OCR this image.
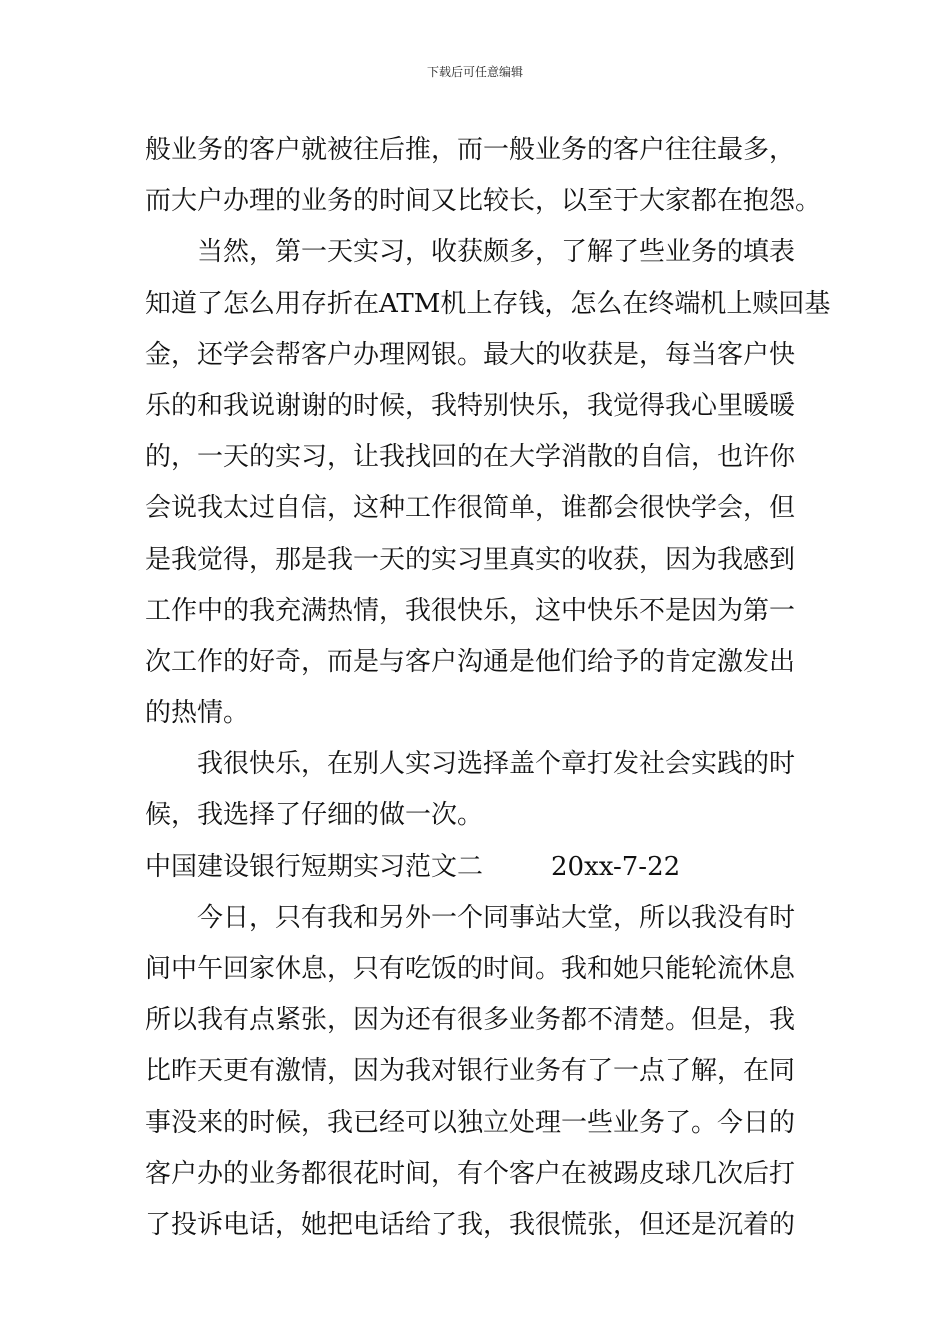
下载后可任意编辑
般业务的客户就被往后推，而一般业务的客户往往最多，
而大户办理的业务的时间又比较长，以至于大家都在抱怨。
当然，第一天实习，收获颇多，了解了些业务的填表
知道了怎么用存折在ATM机上存钱，怎么在终端机上赎回基
金，还学会帮客户办理网银。最大的收获是，每当客户快
乐的和我说谢谢的时候，我特别快乐，我觉得我心里暖暖
的，一天的实习，让我找回的在大学消散的自信，也许你
会说我太过自信，这种工作很简单，谁都会很快学会，但
是我觉得，那是我一天的实习里真实的收获，因为我感到
工作中的我充满热情，我很快乐，这中快乐不是因为第一
次工作的好奇，而是与客户沟通是他们给予的肯定激发出
的热情。
我很快乐，在别人实习选择盖个章打发社会实践的时
候，我选择了仔细的做一次。
中国建设银行短期实习范文二	20xx-7-22
今日，只有我和另外一个同事站大堂，所以我没有时
间中午回家休息，只有吃饭的时间。我和她只能轮流休息
所以我有点紧张，因为还有很多业务都不清楚。但是，我
比昨天更有激情，因为我对银行业务有了一点了解，在同
事没来的时候，我已经可以独立处理一些业务了。今日的
客户办的业务都很花时间，有个客户在被踢皮球几次后打
了投诉电话，她把电话给了我，我很慌张，但还是沉着的
